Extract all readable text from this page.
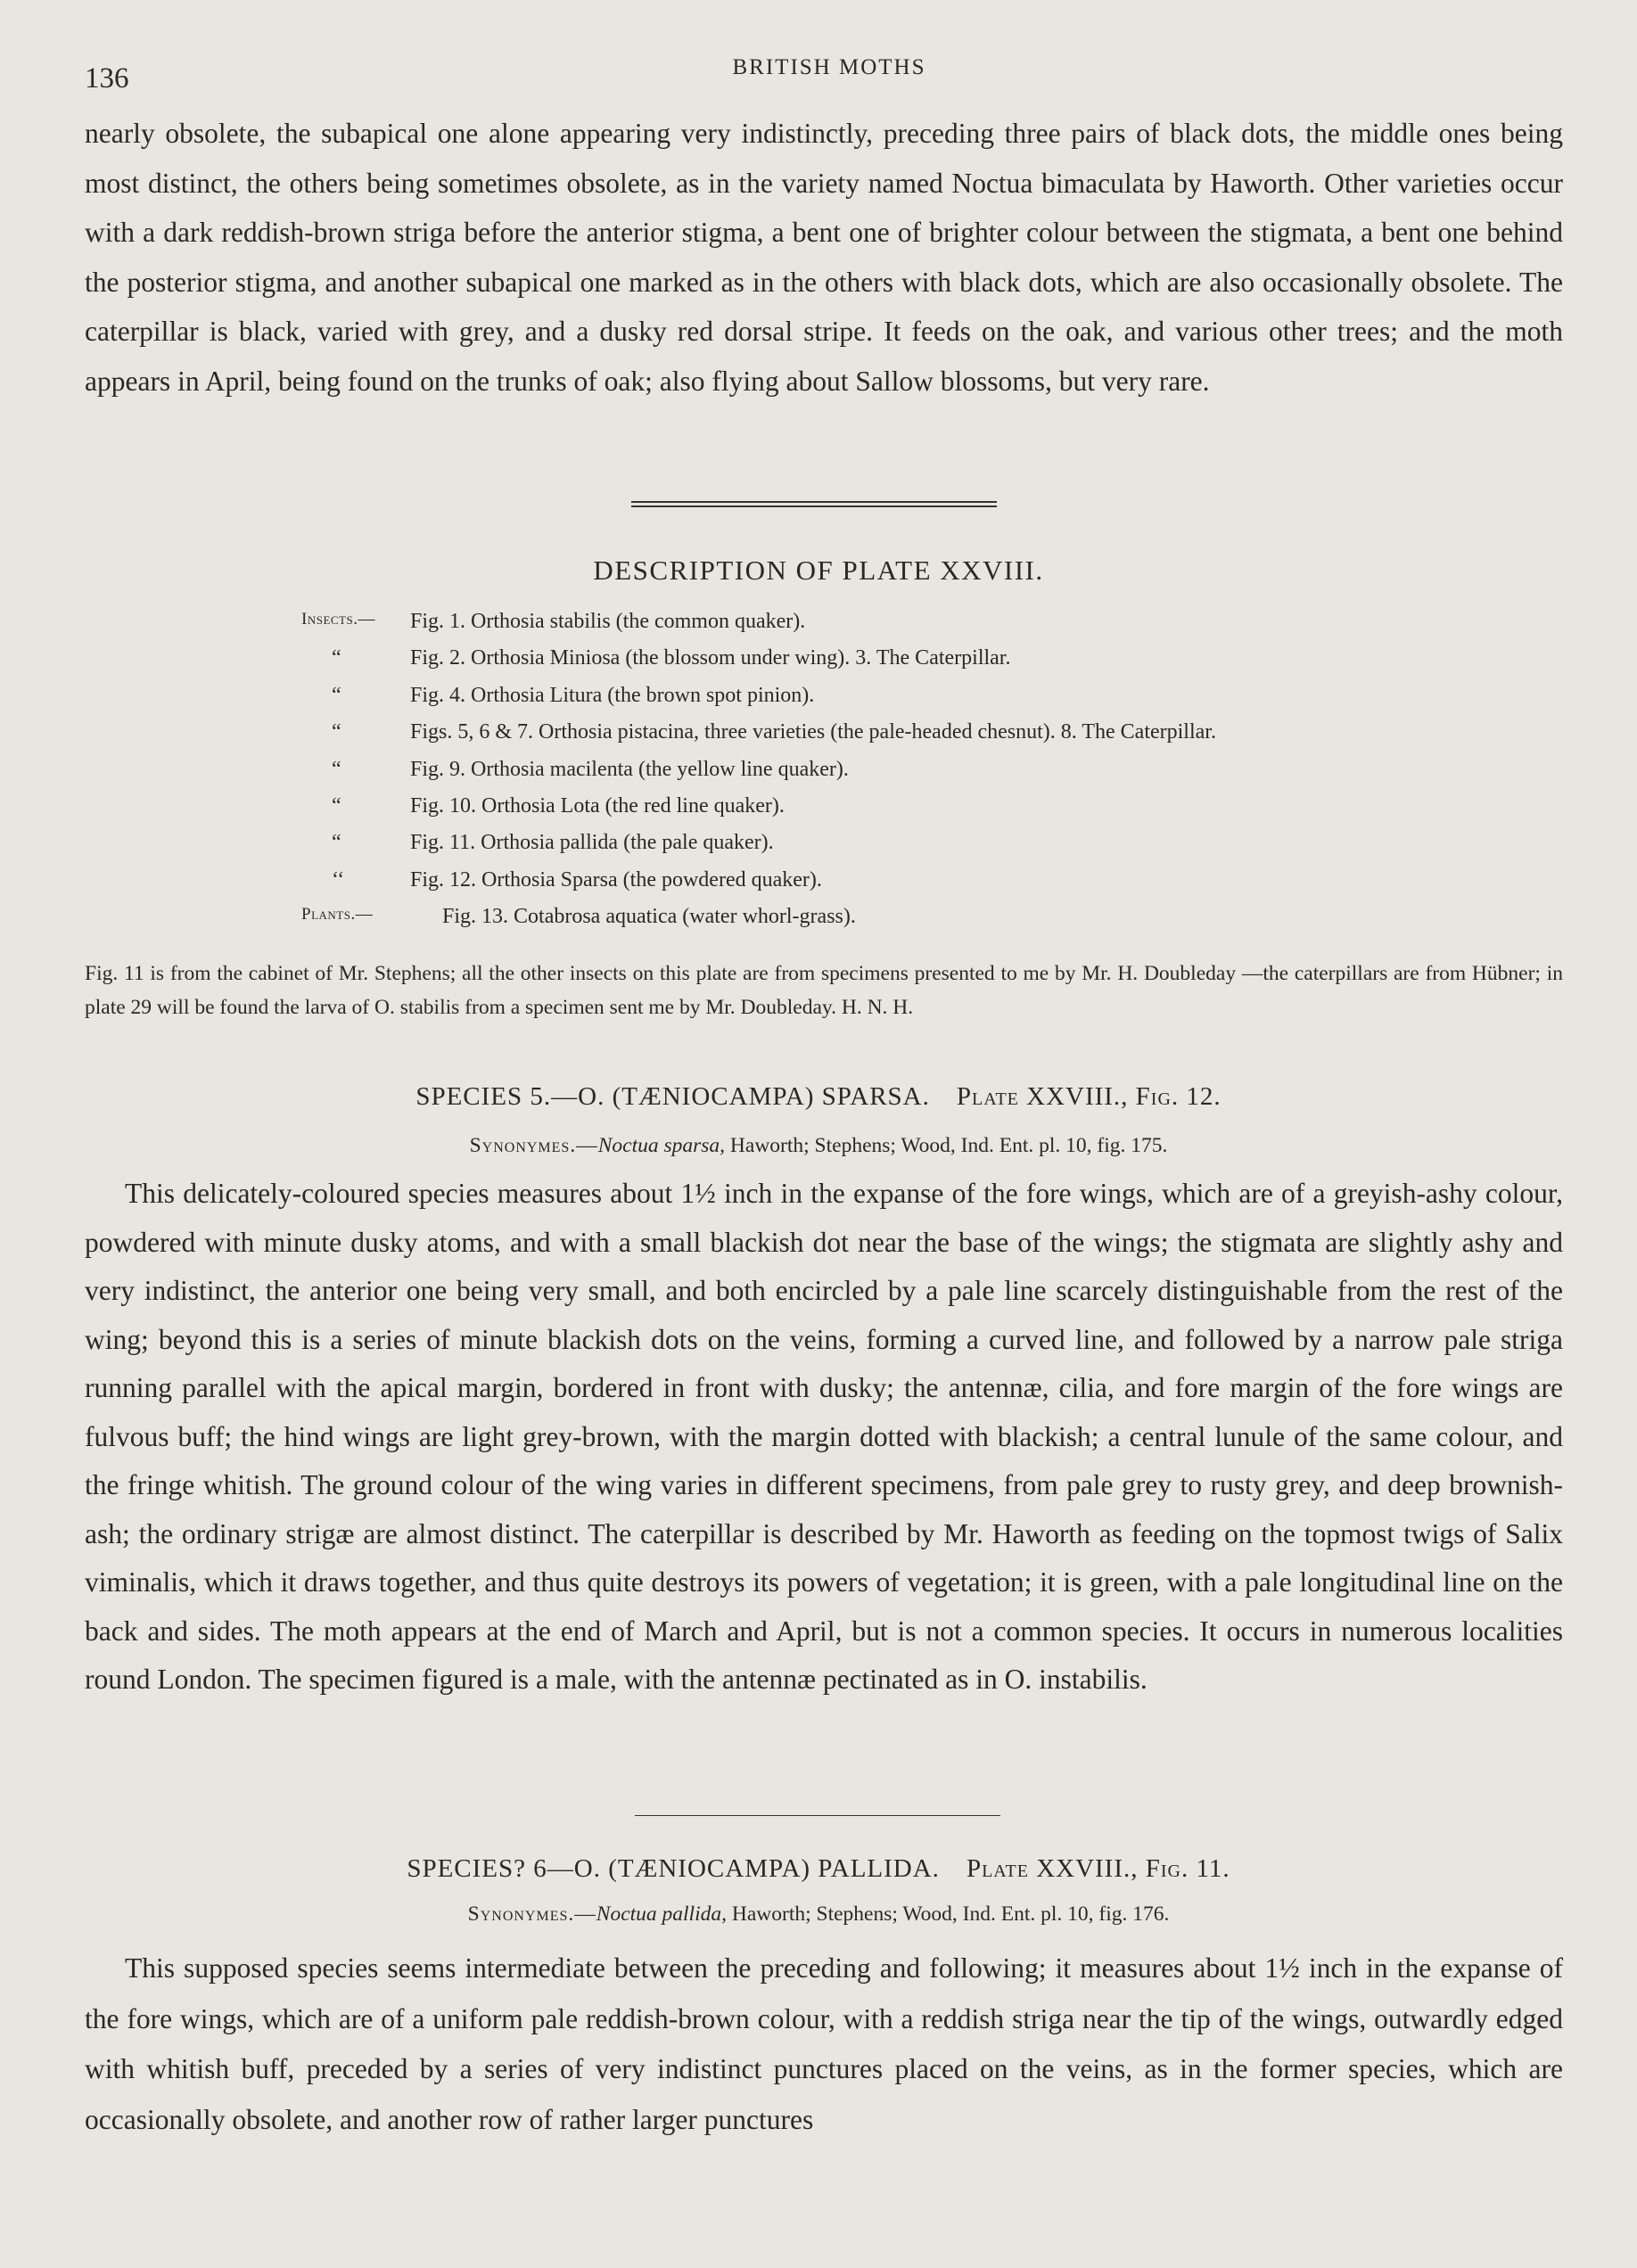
136	BRITISH MOTHS

nearly obsolete, the subapical one alone appearing very indistinctly, preceding three pairs of black dots, the middle ones being most distinct, the others being sometimes obsolete, as in the variety named Noctua bimaculata by Haworth. Other varieties occur with a dark reddish-brown striga before the anterior stigma, a bent one of brighter colour between the stigmata, a bent one behind the posterior stigma, and another subapical one marked as in the others with black dots, which are also occasionally obsolete. The caterpillar is black, varied with grey, and a dusky red dorsal stripe. It feeds on the oak, and various other trees; and the moth appears in April, being found on the trunks of oak; also flying about Sallow blossoms, but very rare.

DESCRIPTION OF PLATE XXVIII.
Insects.— Fig. 1. Orthosia stabilis (the common quaker).
“	Fig. 2. Orthosia Miniosa (the blossom under wing). 3. The Caterpillar.
“	Fig. 4. Orthosia Litura (the brown spot pinion).
“	Figs. 5, 6 & 7. Orthosia pistacina, three varieties (the pale-headed chesnut). 8. The Caterpillar.
“	Fig. 9. Orthosia macilenta (the yellow line quaker).
“	Fig. 10. Orthosia Lota (the red line quaker).
“	Fig. 11. Orthosia pallida (the pale quaker).
‘‘	Fig. 12. Orthosia Sparsa (the powdered quaker).
Plants.—	Fig. 13. Cotabrosa aquatica (water whorl-grass).

Fig. 11 is from the cabinet of Mr. Stephens; all the other insects on this plate are from specimens presented to me by Mr. H. Doubleday —the caterpillars are from Hübner; in plate 29 will be found the larva of O. stabilis from a specimen sent me by Mr. Doubleday. H. N. H.

SPECIES 5.—O. (TÆNIOCAMPA) SPARSA. Plate XXVIII., Fig. 12.
Synonymes.—Noctua sparsa, Haworth; Stephens; Wood, Ind. Ent. pl. 10, fig. 175.

This delicately-coloured species measures about 1½ inch in the expanse of the fore wings, which are of a greyish-ashy colour, powdered with minute dusky atoms, and with a small blackish dot near the base of the wings; the stigmata are slightly ashy and very indistinct, the anterior one being very small, and both encircled by a pale line scarcely distinguishable from the rest of the wing; beyond this is a series of minute blackish dots on the veins, forming a curved line, and followed by a narrow pale striga running parallel with the apical margin, bordered in front with dusky; the antennæ, cilia, and fore margin of the fore wings are fulvous buff; the hind wings are light grey-brown, with the margin dotted with blackish; a central lunule of the same colour, and the fringe whitish. The ground colour of the wing varies in different specimens, from pale grey to rusty grey, and deep brownish-ash; the ordinary strigæ are almost distinct. The caterpillar is described by Mr. Haworth as feeding on the topmost twigs of Salix viminalis, which it draws together, and thus quite destroys its powers of vegetation; it is green, with a pale longitudinal line on the back and sides. The moth appears at the end of March and April, but is not a common species. It occurs in numerous localities round London. The specimen figured is a male, with the antennæ pectinated as in O. instabilis.

SPECIES? 6—O. (TÆNIOCAMPA) PALLIDA. Plate XXVIII., Fig. 11.
Synonymes.—Noctua pallida, Haworth; Stephens; Wood, Ind. Ent. pl. 10, fig. 176.

This supposed species seems intermediate between the preceding and following; it measures about 1½ inch in the expanse of the fore wings, which are of a uniform pale reddish-brown colour, with a reddish striga near the tip of the wings, outwardly edged with whitish buff, preceded by a series of very indistinct punctures placed on the veins, as in the former species, which are occasionally obsolete, and another row of rather larger punctures
